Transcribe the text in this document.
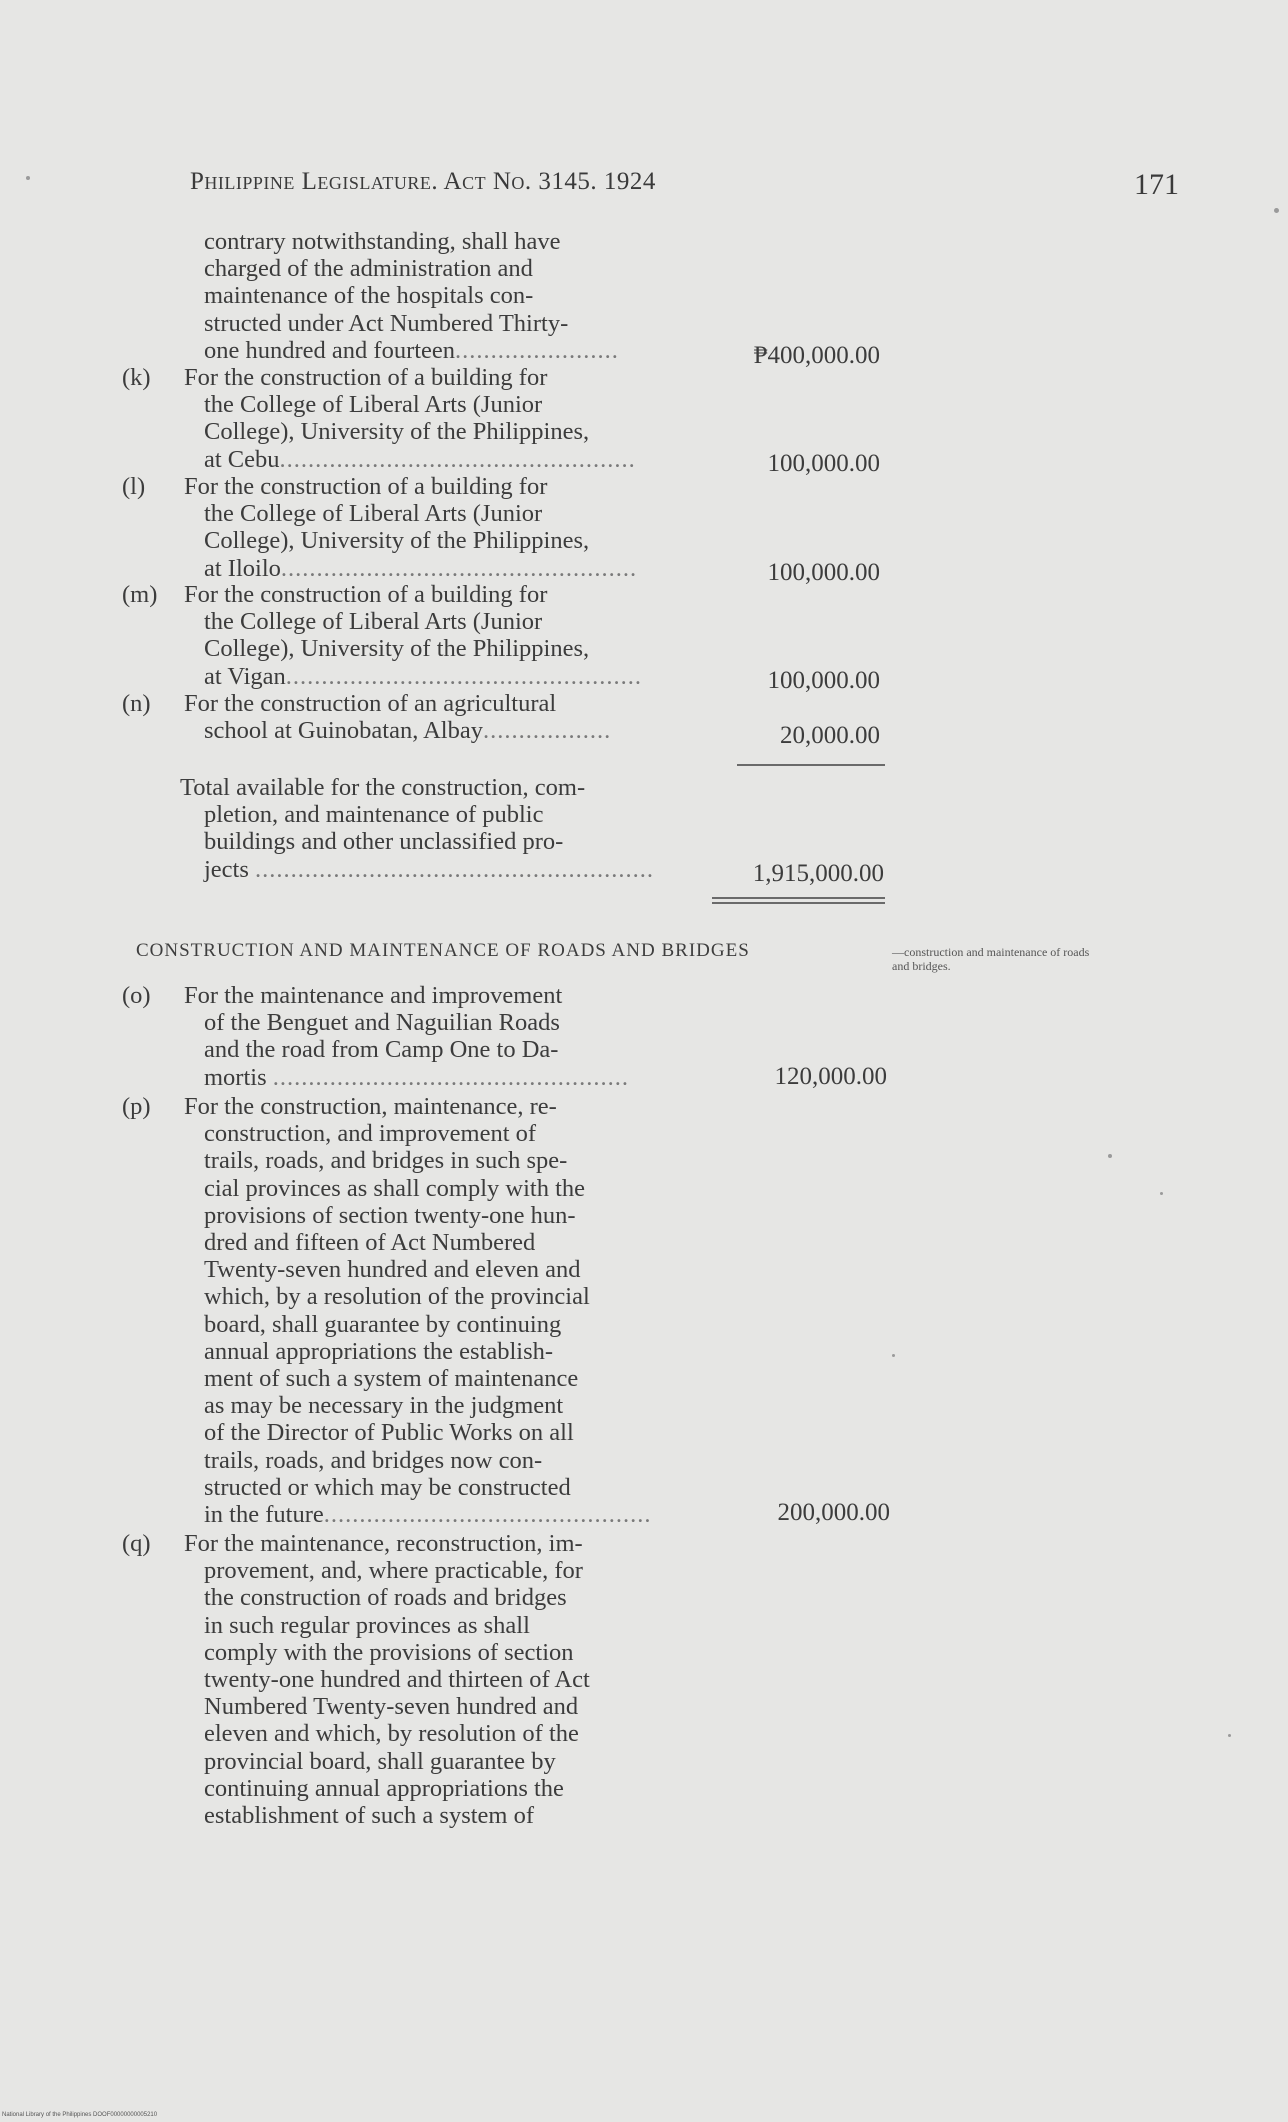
Philippine Legislature. Act No. 3145. 1924	171
contrary notwithstanding, shall have
charged of the administration and
maintenance of the hospitals con-
structed under Act Numbered Thirty-
one hundred and fourteen.......................	₱400,000.00
(k) For the construction of a building for
the College of Liberal Arts (Junior
College), University of the Philippines,
at Cebu..................................................	100,000.00
(l) For the construction of a building for
the College of Liberal Arts (Junior
College), University of the Philippines,
at Iloilo..................................................	100,000.00
(m) For the construction of a building for
the College of Liberal Arts (Junior
College), University of the Philippines,
at Vigan..................................................	100,000.00
(n) For the construction of an agricultural
school at Guinobatan, Albay..................	20,000.00
Total available for the construction, com-
pletion, and maintenance of public
buildings and other unclassified pro-
jects ........................................................	1,915,000.00
CONSTRUCTION AND MAINTENANCE OF ROADS AND BRIDGES	—construction and maintenance of roads and bridges.
(o) For the maintenance and improvement
of the Benguet and Naguilian Roads
and the road from Camp One to Da-
mortis ..................................................	120,000.00
(p) For the construction, maintenance, re-
construction, and improvement of
trails, roads, and bridges in such spe-
cial provinces as shall comply with the
provisions of section twenty-one hun-
dred and fifteen of Act Numbered
Twenty-seven hundred and eleven and
which, by a resolution of the provincial
board, shall guarantee by continuing
annual appropriations the establish-
ment of such a system of maintenance
as may be necessary in the judgment
of the Director of Public Works on all
trails, roads, and bridges now con-
structed or which may be constructed
in the future..............................................	200,000.00
(q) For the maintenance, reconstruction, im-
provement, and, where practicable, for
the construction of roads and bridges
in such regular provinces as shall
comply with the provisions of section
twenty-one hundred and thirteen of Act
Numbered Twenty-seven hundred and
eleven and which, by resolution of the
provincial board, shall guarantee by
continuing annual appropriations the
establishment of such a system of
National Library of the Philippines DOOF00000000005210
